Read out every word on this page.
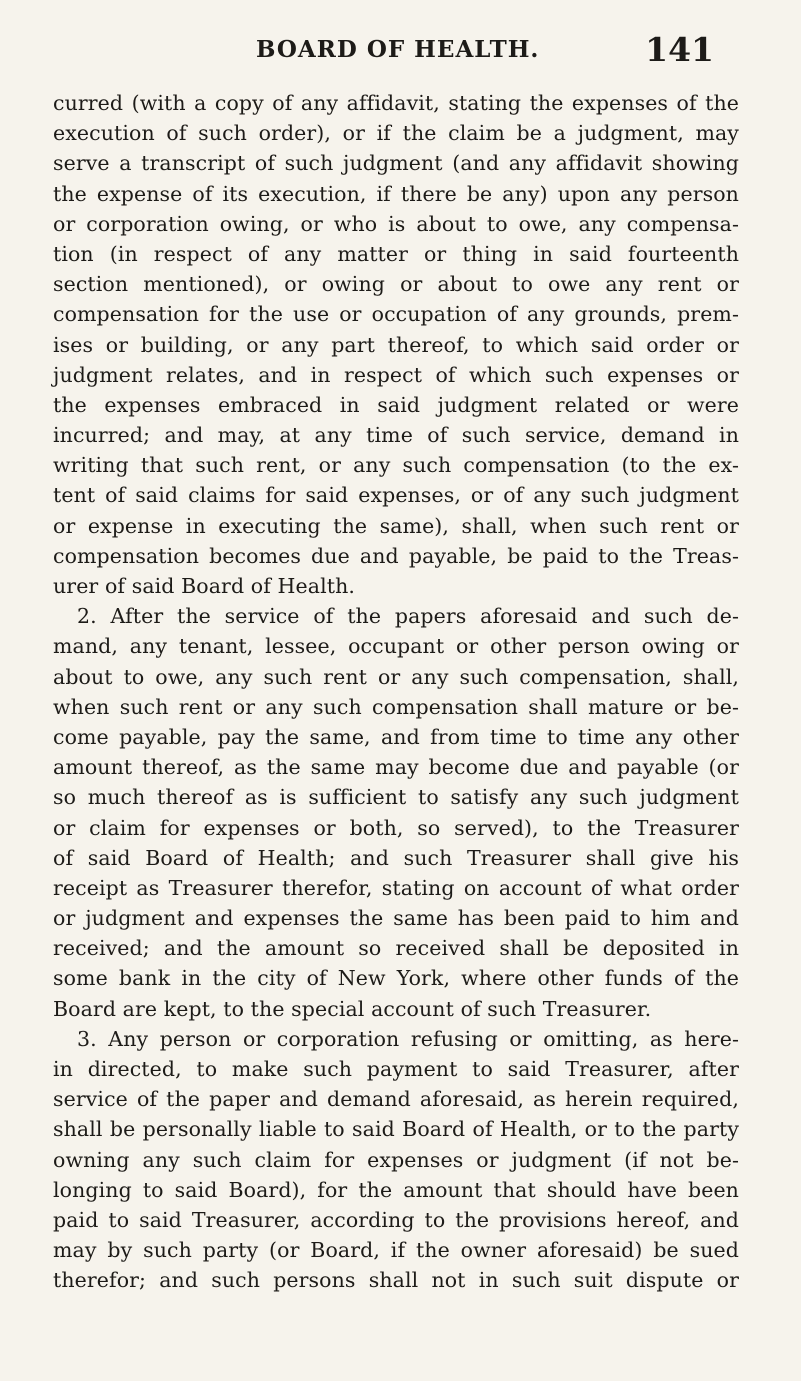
BOARD OF HEALTH.	141
curred (with a copy of any affidavit, stating the expenses of the
execution of such order), or if the claim be a judgment, may
serve a transcript of such judgment (and any affidavit showing
the expense of its execution, if there be any) upon any person
or corporation owing, or who is about to owe, any compensa-
tion (in respect of any matter or thing in said fourteenth
section mentioned), or owing or about to owe any rent or
compensation for the use or occupation of any grounds, prem-
ises or building, or any part thereof, to which said order or
judgment relates, and in respect of which such expenses or
the expenses embraced in said judgment related or were
incurred; and may, at any time of such service, demand in
writing that such rent, or any such compensation (to the ex-
tent of said claims for said expenses, or of any such judgment
or expense in executing the same), shall, when such rent or
compensation becomes due and payable, be paid to the Treas-
urer of said Board of Health.
2. After the service of the papers aforesaid and such de-
mand, any tenant, lessee, occupant or other person owing or
about to owe, any such rent or any such compensation, shall,
when such rent or any such compensation shall mature or be-
come payable, pay the same, and from time to time any other
amount thereof, as the same may become due and payable (or
so much thereof as is sufficient to satisfy any such judgment
or claim for expenses or both, so served), to the Treasurer
of said Board of Health; and such Treasurer shall give his
receipt as Treasurer therefor, stating on account of what order
or judgment and expenses the same has been paid to him and
received; and the amount so received shall be deposited in
some bank in the city of New York, where other funds of the
Board are kept, to the special account of such Treasurer.
3. Any person or corporation refusing or omitting, as here-
in directed, to make such payment to said Treasurer, after
service of the paper and demand aforesaid, as herein required,
shall be personally liable to said Board of Health, or to the party
owning any such claim for expenses or judgment (if not be-
longing to said Board), for the amount that should have been
paid to said Treasurer, according to the provisions hereof, and
may by such party (or Board, if the owner aforesaid) be sued
therefor; and such persons shall not in such suit dispute or
